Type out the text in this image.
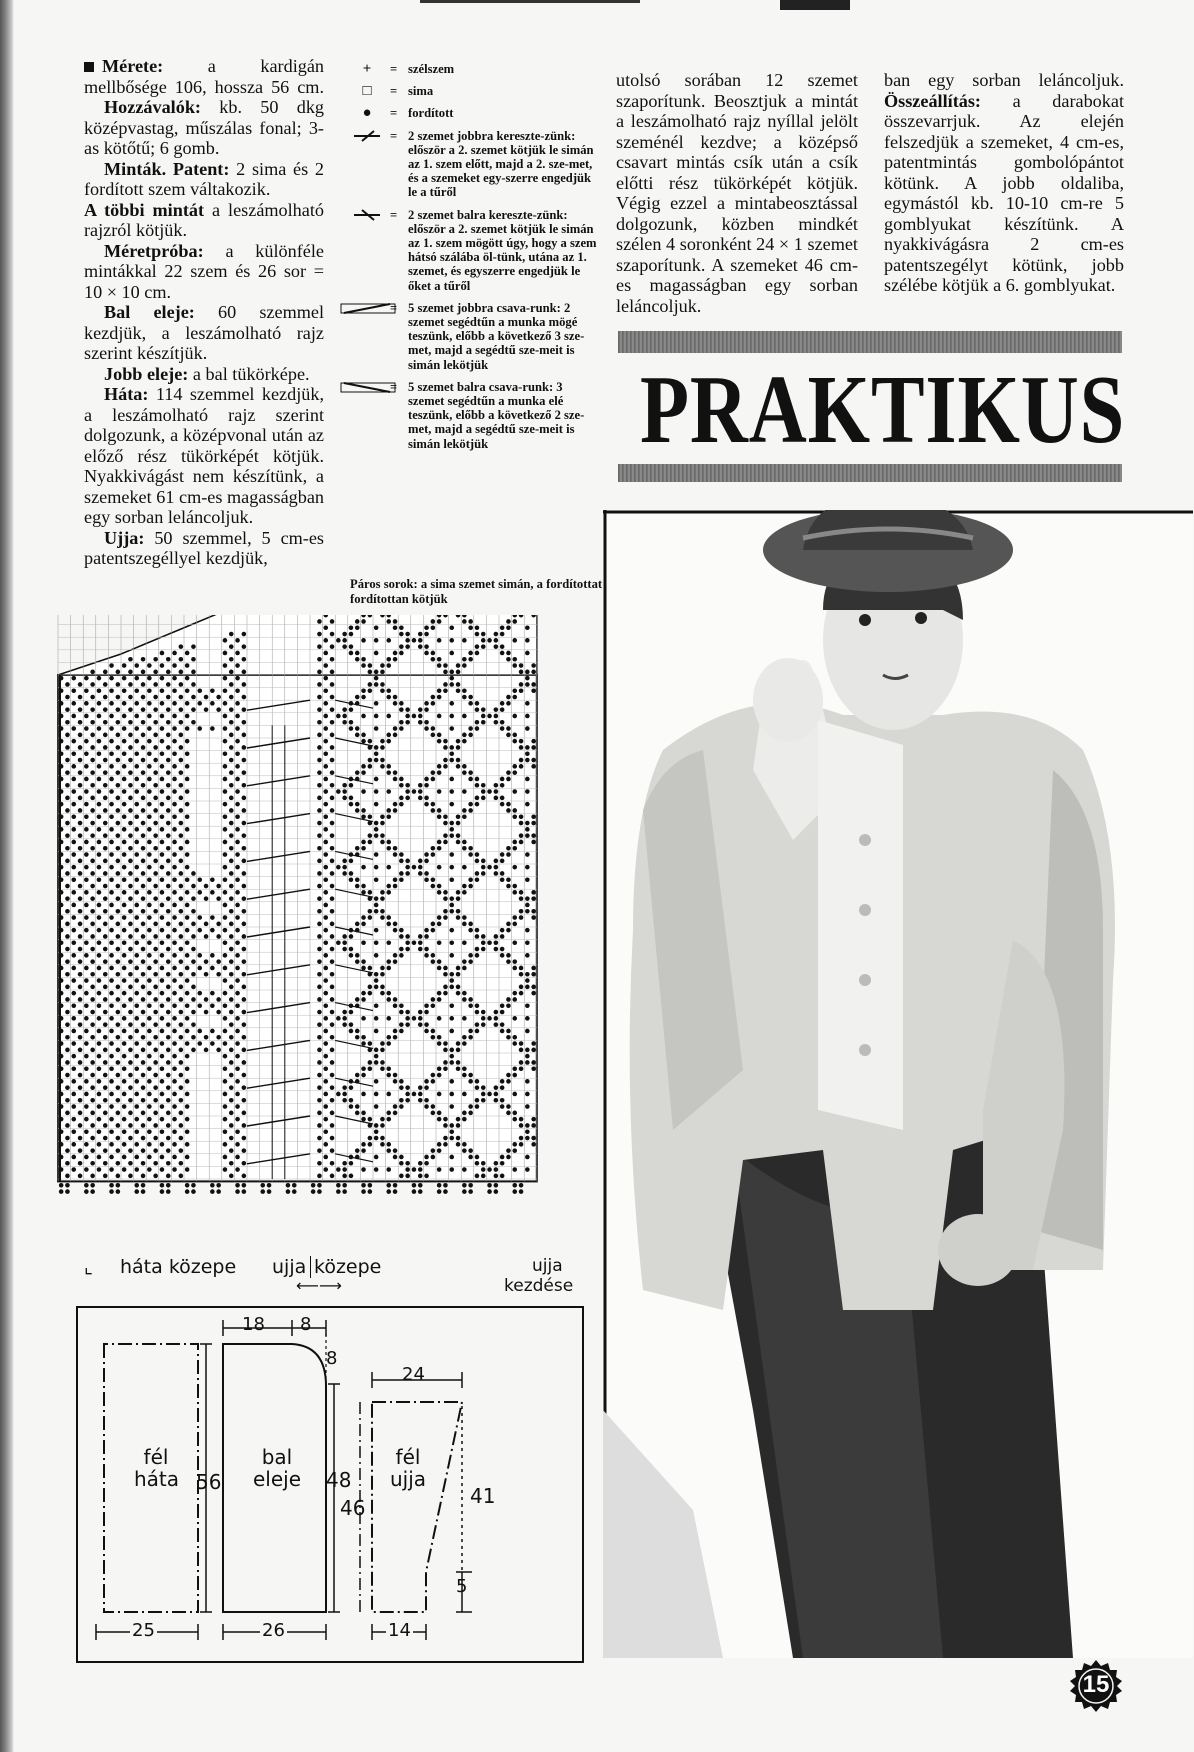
Mérete: a kardigán mellbősége 106, hossza 56 cm.

Hozzávalók: kb. 50 dkg középvastag, műszálas fonal; 3-as kötőtű; 6 gomb.

Minták. Patent: 2 sima és 2 fordított szem váltakozik.

A többi mintát a leszámolható rajzról kötjük.

Méretpróba: a különféle mintákkal 22 szem és 26 sor = 10 × 10 cm.

Bal eleje: 60 szemmel kezdjük, a leszámolható rajz szerint készítjük.

Jobb eleje: a bal tükörképe.

Háta: 114 szemmel kezdjük, a leszámolható rajz szerint dolgozunk, a középvonal után az előző rész tükörképét kötjük. Nyakkivágást nem készítünk, a szemeket 61 cm-es magasságban egy sorban leláncoljuk.

Ujja: 50 szemmel, 5 cm-es patentszegéllyel kezdjük,

+	= szélszem
□	= sima
●	= fordított
= 2 szemet jobbra kereszte-zünk: először a 2. szemet kötjük le simán az 1. szem előtt, majd a 2. sze-met, és a szemeket egy-szerre engedjük le a tűről
= 2 szemet balra kereszte-zünk: először a 2. szemet kötjük le simán az 1. szem mögött úgy, hogy a szem hátsó szálába öl-tünk, utána az 1. szemet, és egyszerre engedjük le őket a tűről
= 5 szemet jobbra csava-runk: 2 szemet segédtűn a munka mögé teszünk, előbb a következő 3 sze-met, majd a segédtű sze-meit is simán lekötjük
= 5 szemet balra csava-runk: 3 szemet segédtűn a munka elé teszünk, előbb a következő 2 sze-met, majd a segédtű sze-meit is simán lekötjük
Páros sorok: a sima szemet simán, a fordítottat fordítottan kötjük
⌞ háta közepe ujja közepe
⟵⟶
ujja
kezdése
fél
háta
bal
eleje
fél
ujja
18 8
8
24
56	48
46	41
5
25	26	14
utolsó sorában 12 szemet szaporítunk. Beosztjuk a mintát a leszámolható rajz nyíllal jelölt szeménél kezdve; a középső csavart mintás csík után a csík előtti rész tükörképét kötjük. Végig ezzel a mintabeosztással dolgozunk, közben mindkét szélen 4 soronként 24 × 1 szemet szaporítunk. A szemeket 46 cm-es magasságban egy sorban leláncoljuk.
ban egy sorban leláncoljuk. Összeállítás: a darabokat összevarrjuk. Az elején felszedjük a szemeket, 4 cm-es, patentmintás gombolópántot kötünk. A jobb oldaliba, egymástól kb. 10-10 cm-re 5 gomblyukat készítünk. A nyakkivágásra 2 cm-es patentszegélyt kötünk, jobb szélébe kötjük a 6. gomblyukat.
PRAKTIKUS
15
